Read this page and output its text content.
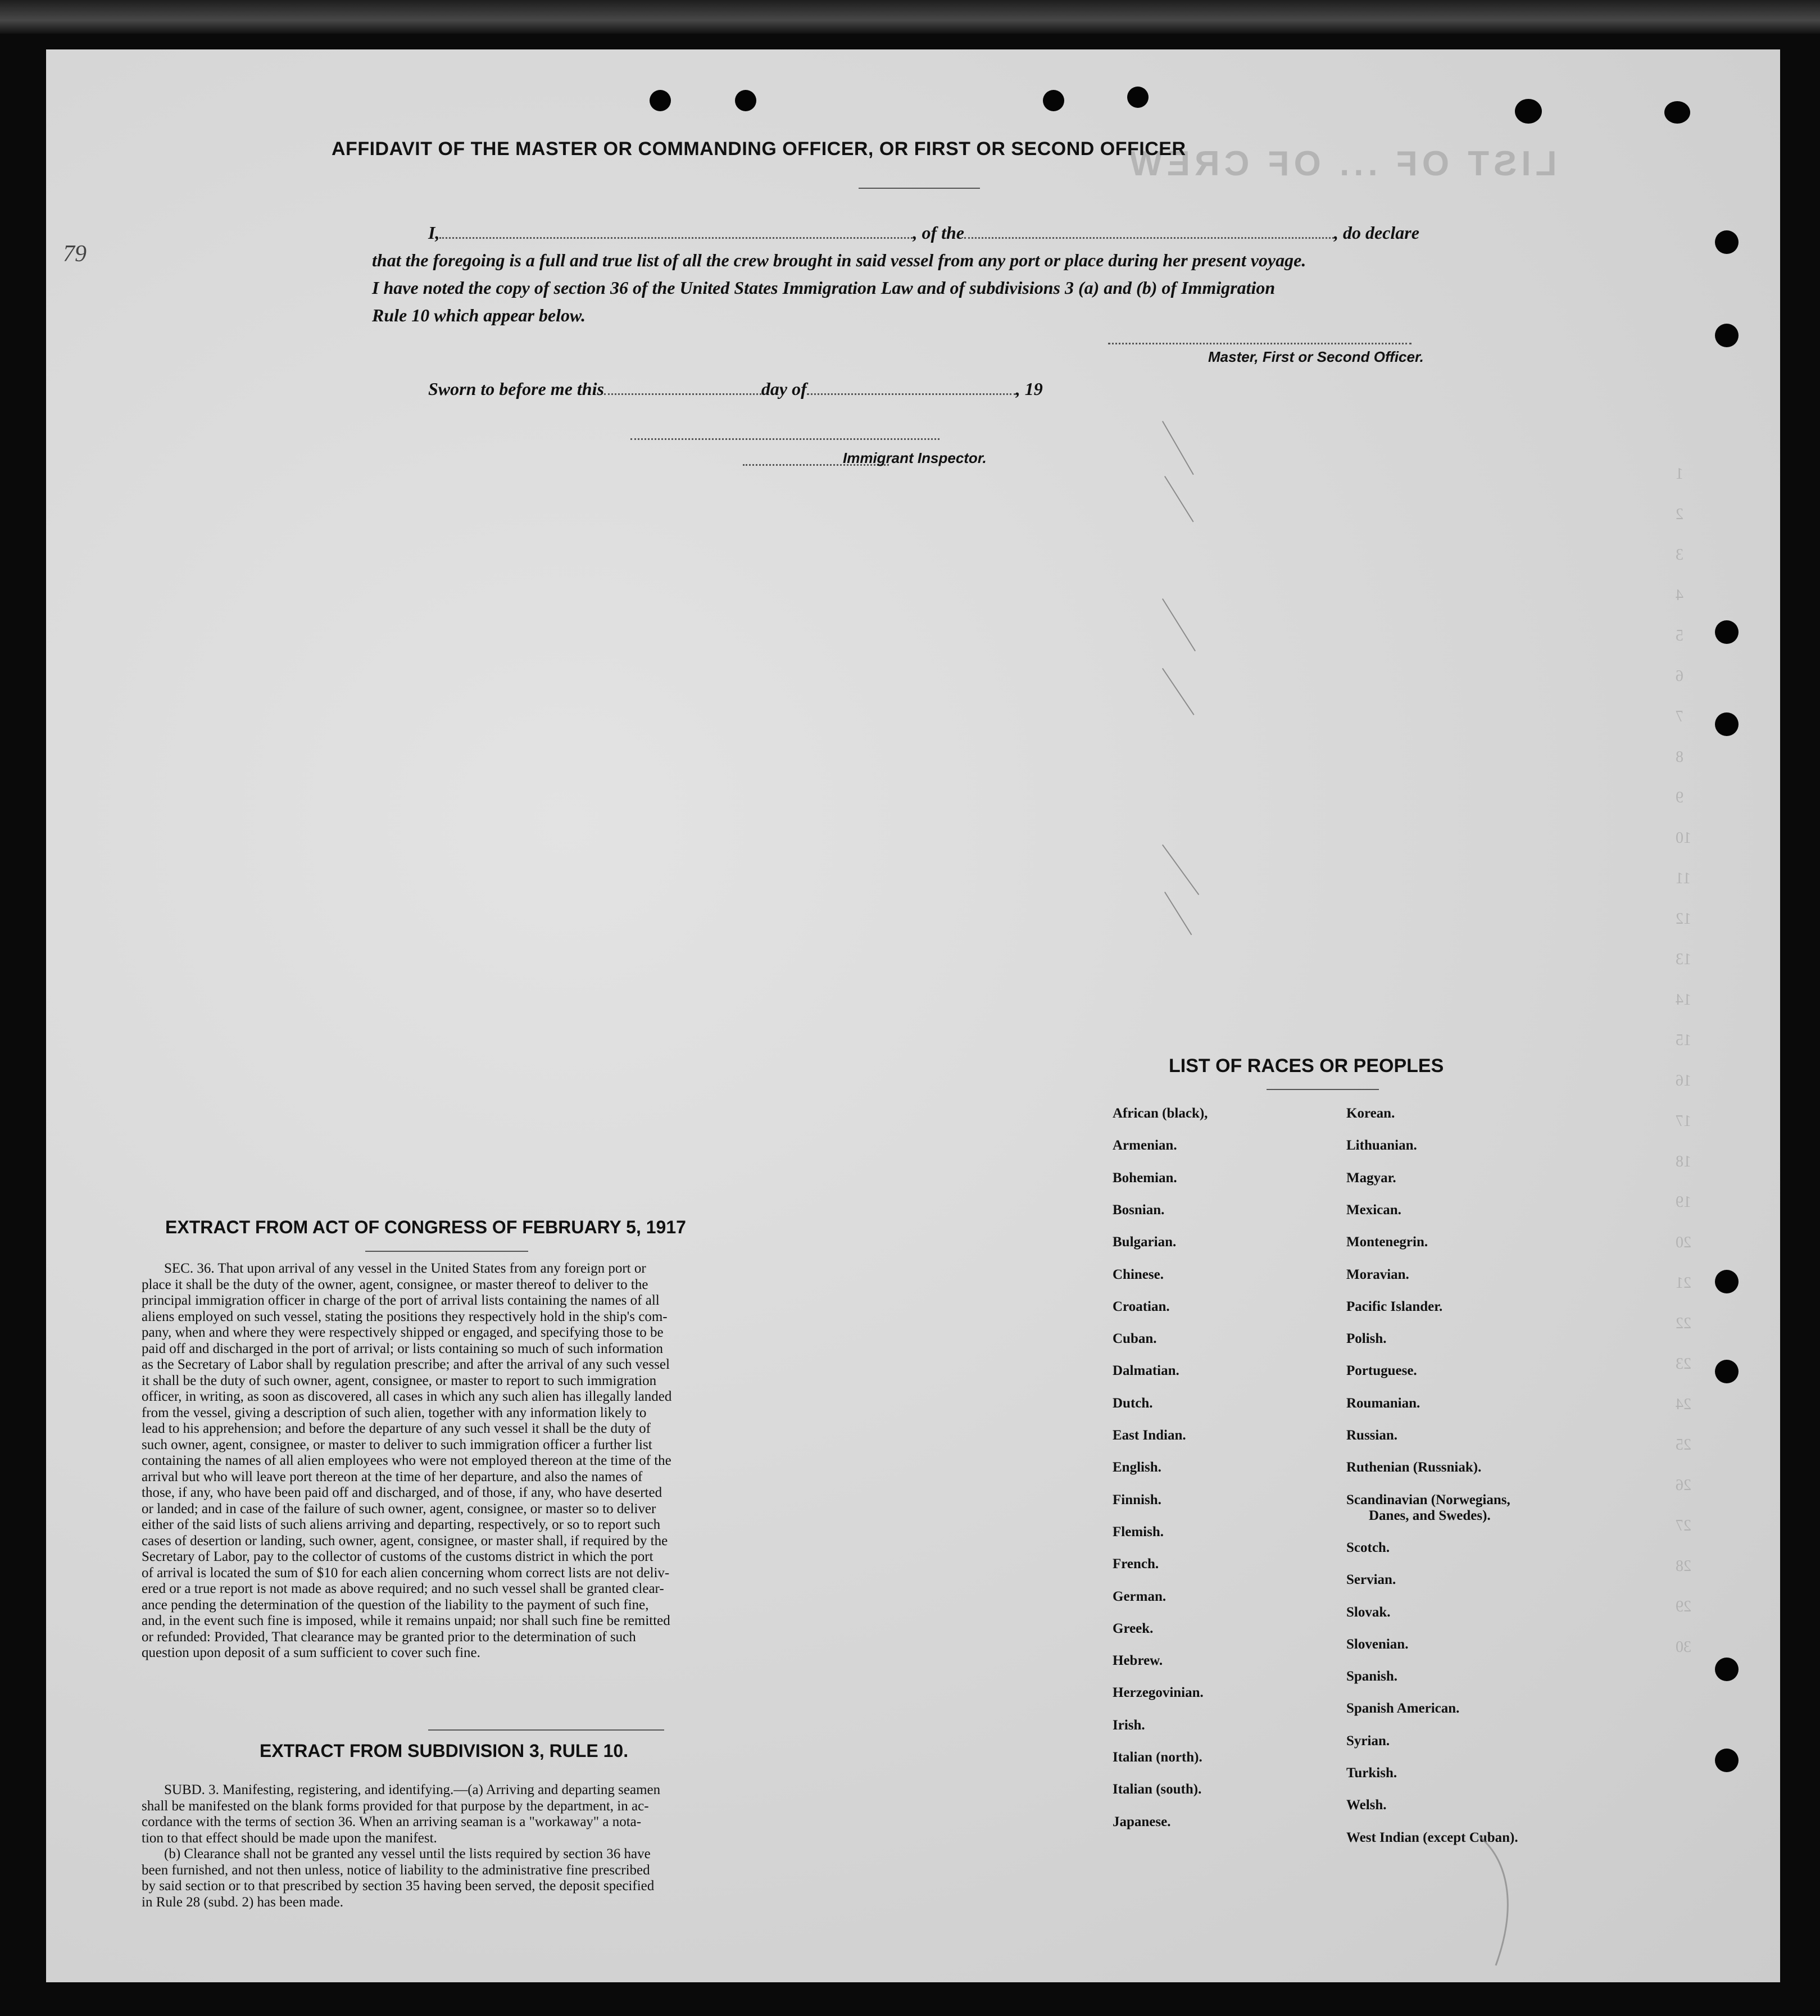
LIST OF ... OF CREW
1
2
3
4
5
6
7
8
9
10
11
12
13
14
15
16
17
18
19
20
21
22
23
24
25
26
27
28
29
30
79
AFFIDAVIT OF THE MASTER OR COMMANDING OFFICER, OR FIRST OR SECOND OFFICER
I,	, of the	, do declare
that the foregoing is a full and true list of all the crew brought in said vessel from any port or place during her present voyage.
I have noted the copy of section 36 of the United States Immigration Law and of subdivisions 3 (a) and (b) of Immigration
Rule 10 which appear below.
Master, First or Second Officer.
Sworn to before me this	day of	, 19
Immigrant Inspector.
LIST OF RACES OR PEOPLES
African (black),
Armenian.
Bohemian.
Bosnian.
Bulgarian.
Chinese.
Croatian.
Cuban.
Dalmatian.
Dutch.
East Indian.
English.
Finnish.
Flemish.
French.
German.
Greek.
Hebrew.
Herzegovinian.
Irish.
Italian (north).
Italian (south).
Japanese.
Korean.
Lithuanian.
Magyar.
Mexican.
Montenegrin.
Moravian.
Pacific Islander.
Polish.
Portuguese.
Roumanian.
Russian.
Ruthenian (Russniak).
Scandinavian (Norwegians,
Danes, and Swedes).
Scotch.
Servian.
Slovak.
Slovenian.
Spanish.
Spanish American.
Syrian.
Turkish.
Welsh.
West Indian (except Cuban).
EXTRACT FROM ACT OF CONGRESS OF FEBRUARY 5, 1917
SEC. 36. That upon arrival of any vessel in the United States from any foreign port or
place it shall be the duty of the owner, agent, consignee, or master thereof to deliver to the
principal immigration officer in charge of the port of arrival lists containing the names of all
aliens employed on such vessel, stating the positions they respectively hold in the ship's com-
pany, when and where they were respectively shipped or engaged, and specifying those to be
paid off and discharged in the port of arrival; or lists containing so much of such information
as the Secretary of Labor shall by regulation prescribe; and after the arrival of any such vessel
it shall be the duty of such owner, agent, consignee, or master to report to such immigration
officer, in writing, as soon as discovered, all cases in which any such alien has illegally landed
from the vessel, giving a description of such alien, together with any information likely to
lead to his apprehension; and before the departure of any such vessel it shall be the duty of
such owner, agent, consignee, or master to deliver to such immigration officer a further list
containing the names of all alien employees who were not employed thereon at the time of the
arrival but who will leave port thereon at the time of her departure, and also the names of
those, if any, who have been paid off and discharged, and of those, if any, who have deserted
or landed; and in case of the failure of such owner, agent, consignee, or master so to deliver
either of the said lists of such aliens arriving and departing, respectively, or so to report such
cases of desertion or landing, such owner, agent, consignee, or master shall, if required by the
Secretary of Labor, pay to the collector of customs of the customs district in which the port
of arrival is located the sum of $10 for each alien concerning whom correct lists are not deliv-
ered or a true report is not made as above required; and no such vessel shall be granted clear-
ance pending the determination of the question of the liability to the payment of such fine,
and, in the event such fine is imposed, while it remains unpaid; nor shall such fine be remitted
or refunded: Provided, That clearance may be granted prior to the determination of such
question upon deposit of a sum sufficient to cover such fine.
EXTRACT FROM SUBDIVISION 3, RULE 10.
SUBD. 3. Manifesting, registering, and identifying.—(a) Arriving and departing seamen
shall be manifested on the blank forms provided for that purpose by the department, in ac-
cordance with the terms of section 36. When an arriving seaman is a "workaway" a nota-
tion to that effect should be made upon the manifest.
(b) Clearance shall not be granted any vessel until the lists required by section 36 have
been furnished, and not then unless, notice of liability to the administrative fine prescribed
by said section or to that prescribed by section 35 having been served, the deposit specified
in Rule 28 (subd. 2) has been made.
